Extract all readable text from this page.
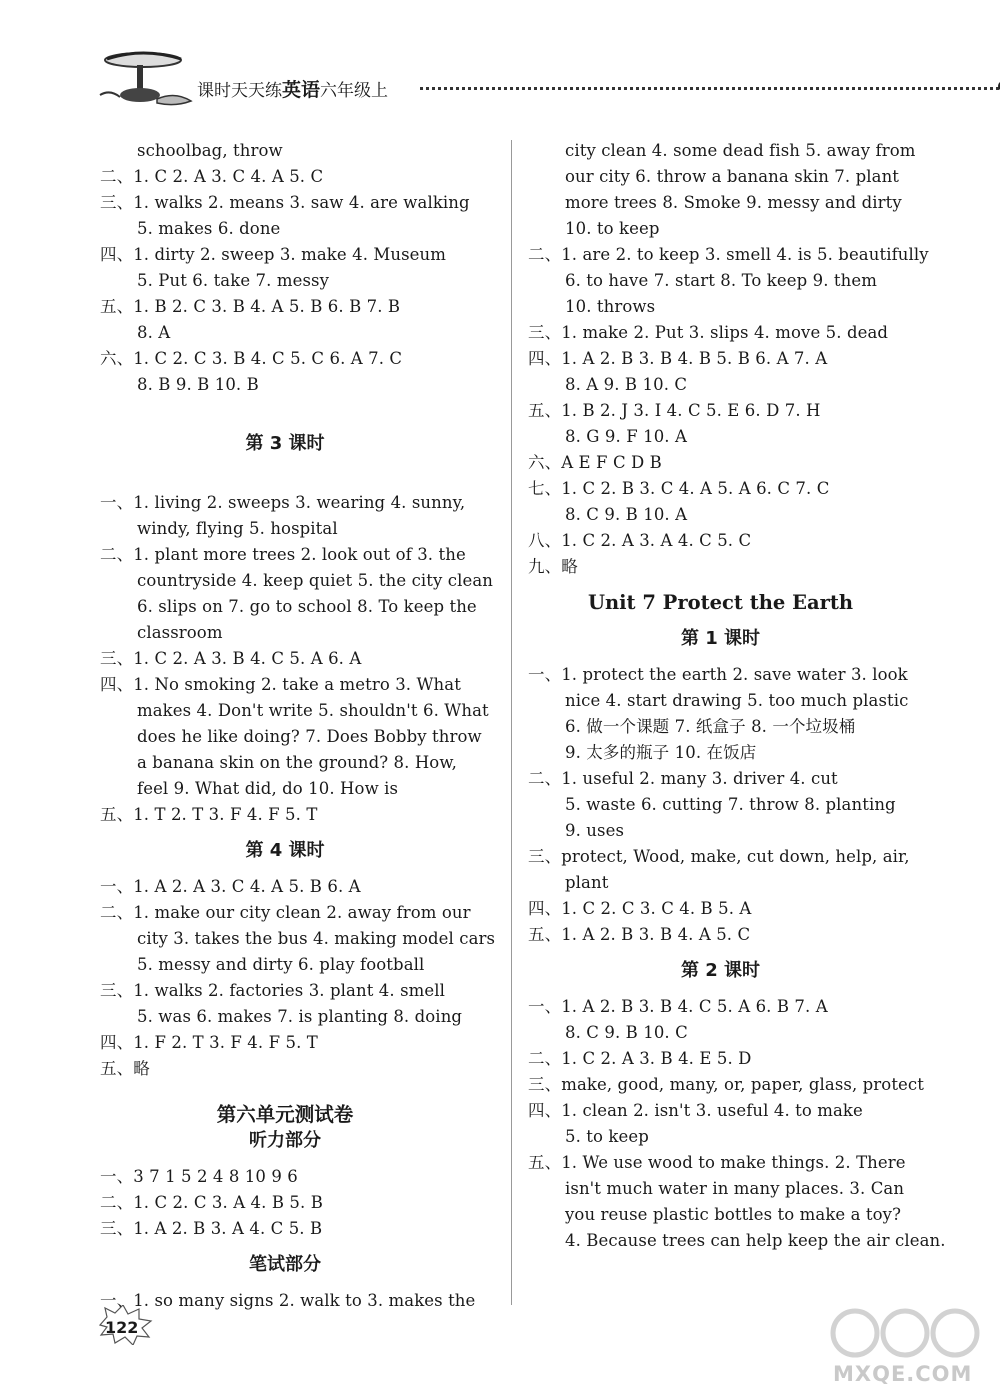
课时天天练英语六年级上
schoolbag, throw
二、1. C 2. A 3. C 4. A 5. C
三、1. walks 2. means 3. saw 4. are walking
5. makes 6. done
四、1. dirty 2. sweep 3. make 4. Museum
5. Put 6. take 7. messy
五、1. B 2. C 3. B 4. A 5. B 6. B 7. B
8. A
六、1. C 2. C 3. B 4. C 5. C 6. A 7. C
8. B 9. B 10. B
第 3 课时
一、1. living 2. sweeps 3. wearing 4. sunny,
windy, flying 5. hospital
二、1. plant more trees 2. look out of 3. the
countryside 4. keep quiet 5. the city clean
6. slips on 7. go to school 8. To keep the
classroom
三、1. C 2. A 3. B 4. C 5. A 6. A
四、1. No smoking 2. take a metro 3. What
makes 4. Don't write 5. shouldn't 6. What
does he like doing? 7. Does Bobby throw
a banana skin on the ground? 8. How,
feel 9. What did, do 10. How is
五、1. T 2. T 3. F 4. F 5. T
第 4 课时
一、1. A 2. A 3. C 4. A 5. B 6. A
二、1. make our city clean 2. away from our
city 3. takes the bus 4. making model cars
5. messy and dirty 6. play football
三、1. walks 2. factories 3. plant 4. smell
5. was 6. makes 7. is planting 8. doing
四、1. F 2. T 3. F 4. F 5. T
五、略
第六单元测试卷
听力部分
一、3 7 1 5 2 4 8 10 9 6
二、1. C 2. C 3. A 4. B 5. B
三、1. A 2. B 3. A 4. C 5. B
笔试部分
一、1. so many signs 2. walk to 3. makes the
city clean 4. some dead fish 5. away from
our city 6. throw a banana skin 7. plant
more trees 8. Smoke 9. messy and dirty
10. to keep
二、1. are 2. to keep 3. smell 4. is 5. beautifully
6. to have 7. start 8. To keep 9. them
10. throws
三、1. make 2. Put 3. slips 4. move 5. dead
四、1. A 2. B 3. B 4. B 5. B 6. A 7. A
8. A 9. B 10. C
五、1. B 2. J 3. I 4. C 5. E 6. D 7. H
8. G 9. F 10. A
六、A E F C D B
七、1. C 2. B 3. C 4. A 5. A 6. C 7. C
8. C 9. B 10. A
八、1. C 2. A 3. A 4. C 5. C
九、略
Unit 7 Protect the Earth
第 1 课时
一、1. protect the earth 2. save water 3. look
nice 4. start drawing 5. too much plastic
6. 做一个课题 7. 纸盒子 8. 一个垃圾桶
9. 太多的瓶子 10. 在饭店
二、1. useful 2. many 3. driver 4. cut
5. waste 6. cutting 7. throw 8. planting
9. uses
三、protect, Wood, make, cut down, help, air,
plant
四、1. C 2. C 3. C 4. B 5. A
五、1. A 2. B 3. B 4. A 5. C
第 2 课时
一、1. A 2. B 3. B 4. C 5. A 6. B 7. A
8. C 9. B 10. C
二、1. C 2. A 3. B 4. E 5. D
三、make, good, many, or, paper, glass, protect
四、1. clean 2. isn't 3. useful 4. to make
5. to keep
五、1. We use wood to make things. 2. There
isn't much water in many places. 3. Can
you reuse plastic bottles to make a toy?
4. Because trees can help keep the air clean.
122
MXQE.COM
